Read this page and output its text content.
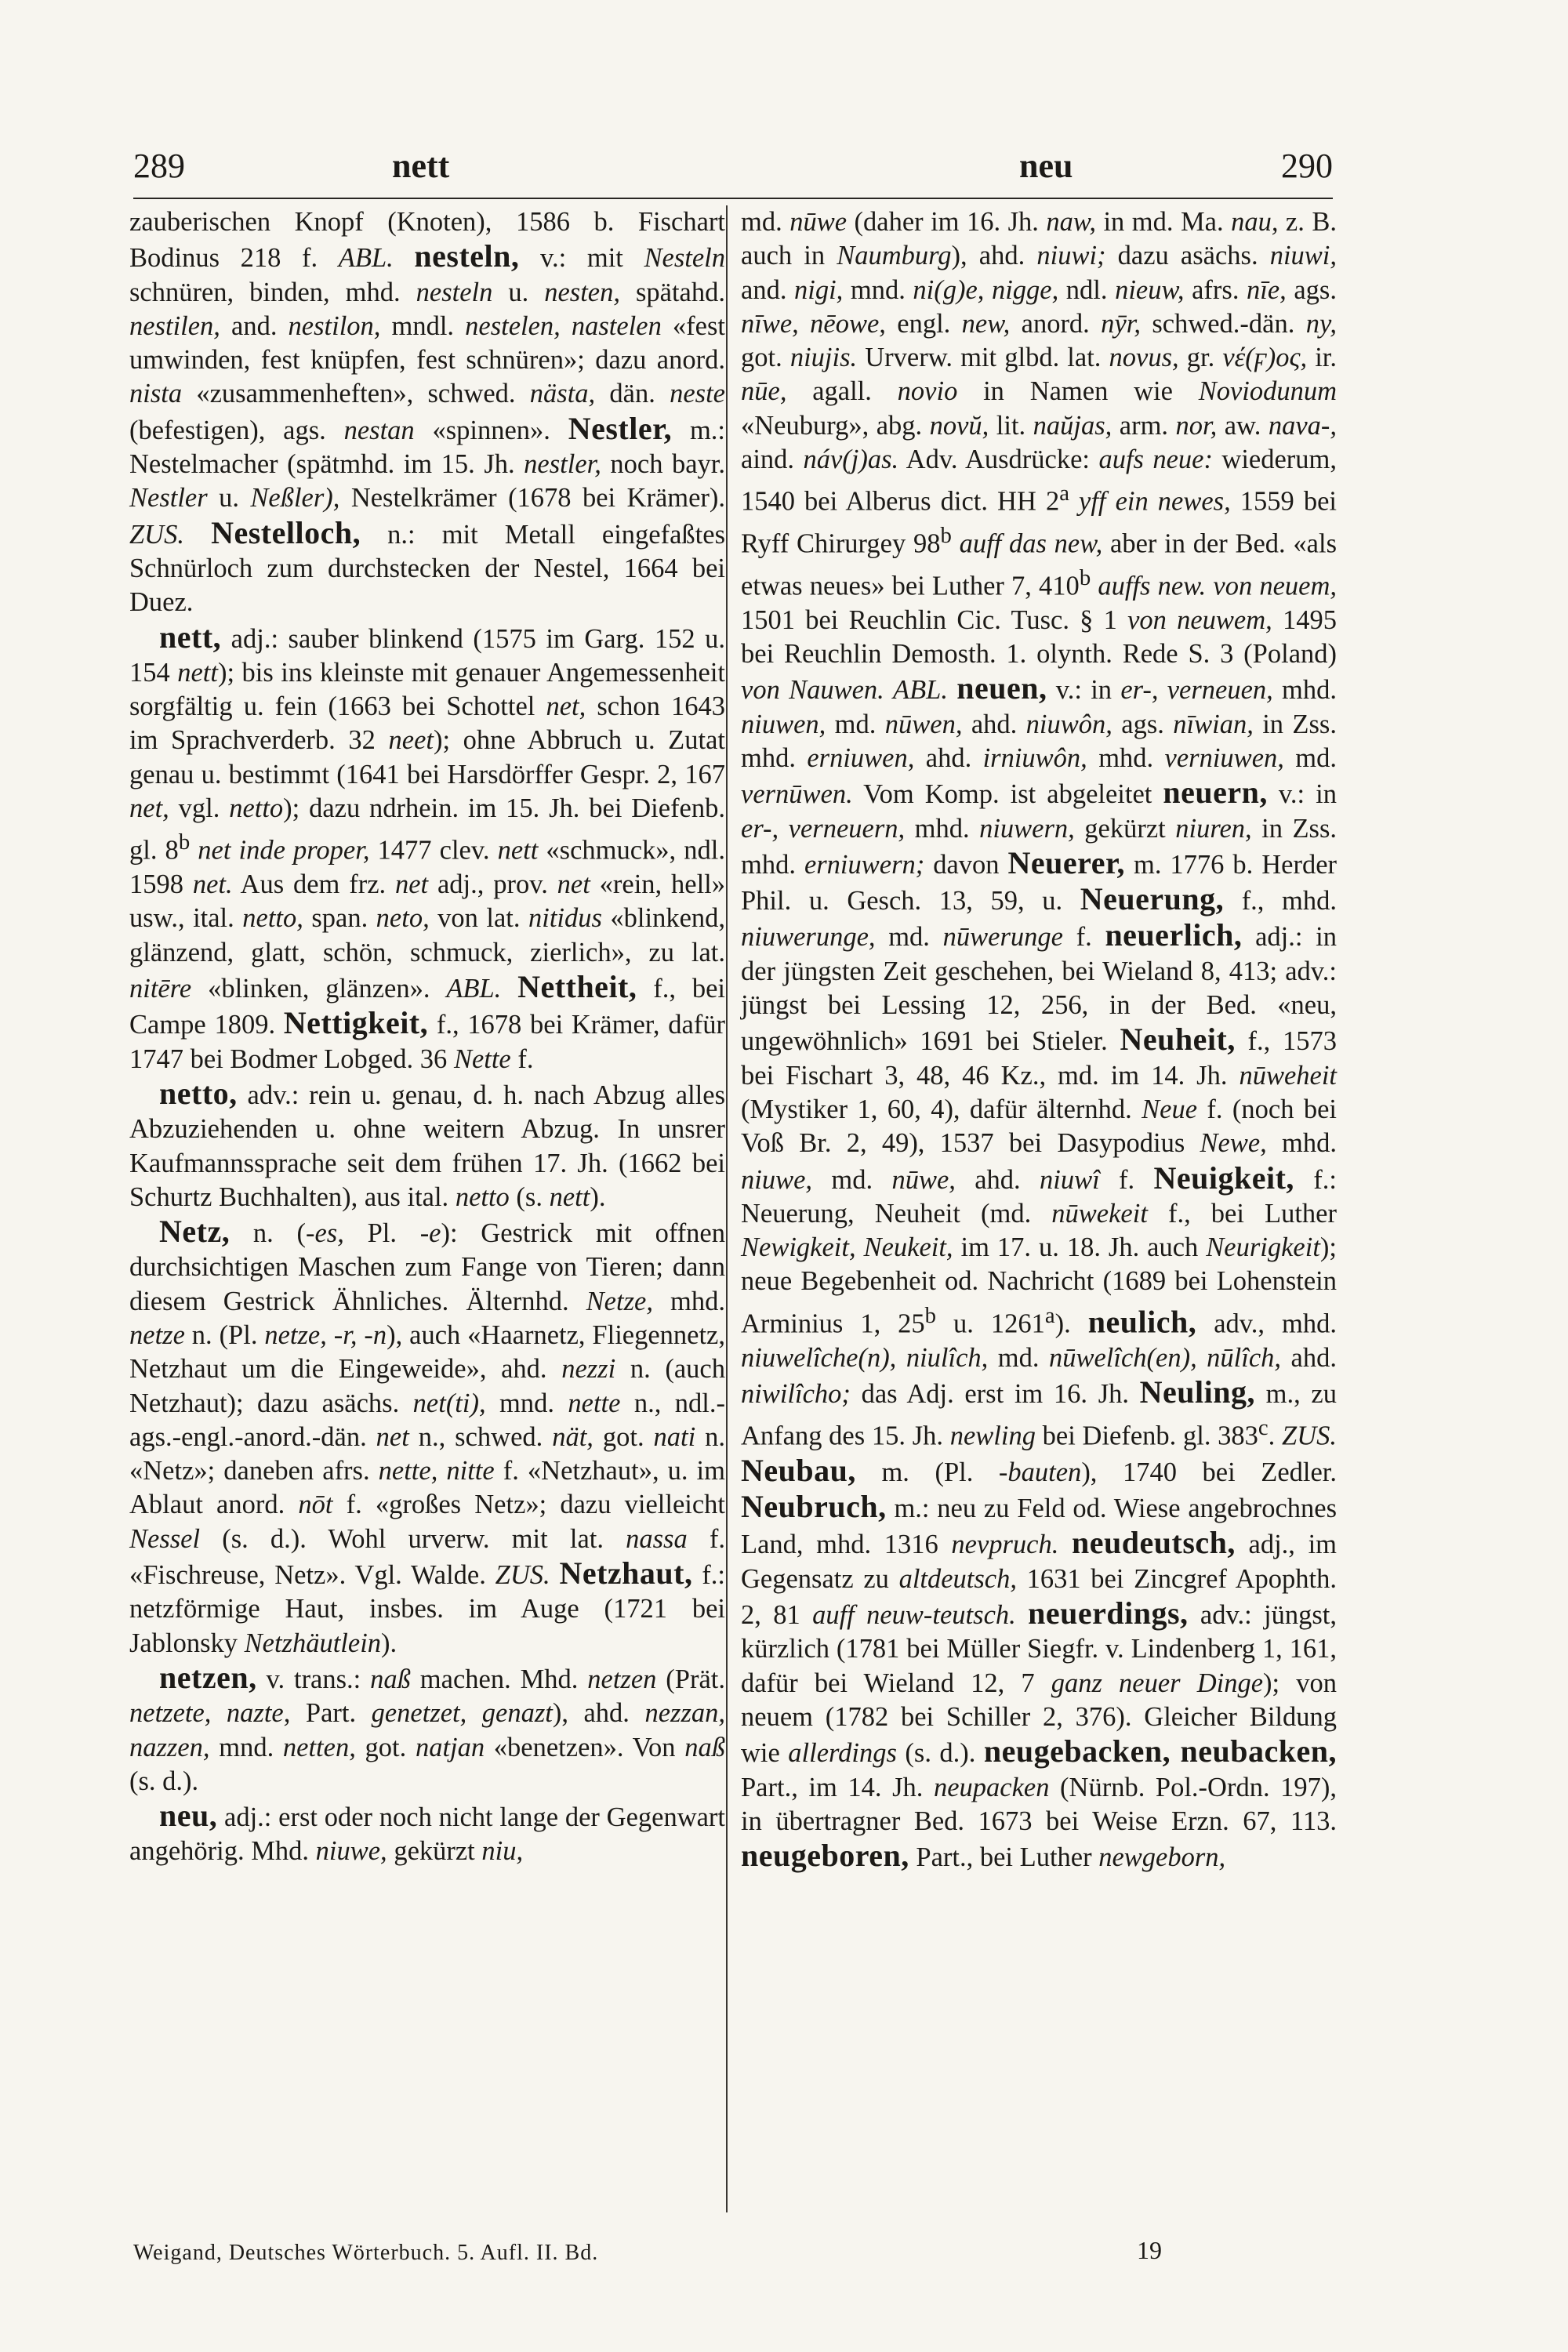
289	nett	neu	290

zauberischen Knopf (Knoten), 1586 b. Fischart Bodinus 218 f. ABL. nesteln, v.: mit Nesteln schnüren, binden, mhd. nesteln u. nesten, spätahd. nestilen, and. nestilon, mndl. nestelen, nastelen «fest umwinden, fest knüpfen, fest schnüren»; dazu anord. nista «zusammenheften», schwed. nästa, dän. neste (befestigen), ags. nestan «spinnen». Nestler, m.: Nestelmacher (spätmhd. im 15. Jh. nestler, noch bayr. Nestler u. Neßler), Nestelkrämer (1678 bei Krämer). ZUS. Nestelloch, n.: mit Metall eingefaßtes Schnürloch zum durchstecken der Nestel, 1664 bei Duez.

nett, adj.: sauber blinkend (1575 im Garg. 152 u. 154 nett); bis ins kleinste mit genauer Angemessenheit sorgfältig u. fein (1663 bei Schottel net, schon 1643 im Sprachverderb. 32 neet); ohne Abbruch u. Zutat genau u. bestimmt (1641 bei Harsdörffer Gespr. 2, 167 net, vgl. netto); dazu ndrhein. im 15. Jh. bei Diefenb. gl. 8$^b$ net inde proper, 1477 clev. nett «schmuck», ndl. 1598 net. Aus dem frz. net adj., prov. net «rein, hell» usw., ital. netto, span. neto, von lat. nitidus «blinkend, glänzend, glatt, schön, schmuck, zierlich», zu lat. nitēre «blinken, glänzen». ABL. Nettheit, f., bei Campe 1809. Nettigkeit, f., 1678 bei Krämer, dafür 1747 bei Bodmer Lobged. 36 Nette f.

netto, adv.: rein u. genau, d. h. nach Abzug alles Abzuziehenden u. ohne weitern Abzug. In unsrer Kaufmannssprache seit dem frühen 17. Jh. (1662 bei Schurtz Buchhalten), aus ital. netto (s. nett).

Netz, n. (-es, Pl. -e): Gestrick mit offnen durchsichtigen Maschen zum Fange von Tieren; dann diesem Gestrick Ähnliches. Älternhd. Netze, mhd. netze n. (Pl. netze, -r, -n), auch «Haarnetz, Fliegennetz, Netzhaut um die Eingeweide», ahd. nezzi n. (auch Netzhaut); dazu asächs. net(ti), mnd. nette n., ndl.-ags.-engl.-anord.-dän. net n., schwed. nät, got. nati n. «Netz»; daneben afrs. nette, nitte f. «Netzhaut», u. im Ablaut anord. nōt f. «großes Netz»; dazu vielleicht Nessel (s. d.). Wohl urverw. mit lat. nassa f. «Fischreuse, Netz». Vgl. Walde. ZUS. Netzhaut, f.: netzförmige Haut, insbes. im Auge (1721 bei Jablonsky Netzhäutlein).

netzen, v. trans.: naß machen. Mhd. netzen (Prät. netzete, nazte, Part. genetzet, genazt), ahd. nezzan, nazzen, mnd. netten, got. natjan «benetzen». Von naß (s. d.).

neu, adj.: erst oder noch nicht lange der Gegenwart angehörig. Mhd. niuwe, gekürzt niu,

md. nūwe (daher im 16. Jh. naw, in md. Ma. nau, z. B. auch in Naumburg), ahd. niuwi; dazu asächs. niuwi, and. nigi, mnd. ni(g)e, nigge, ndl. nieuw, afrs. nīe, ags. nīwe, nēowe, engl. new, anord. nȳr, schwed.-dän. ny, got. niujis. Urverw. mit glbd. lat. novus, gr. νέ(ϝ)ος, ir. nūe, agall. novio in Namen wie Noviodunum «Neuburg», abg. novŭ, lit. naŭjas, arm. nor, aw. nava-, aind. náv(j)as. Adv. Ausdrücke: aufs neue: wiederum, 1540 bei Alberus dict. HH 2$^a$ yff ein newes, 1559 bei Ryff Chirurgey 98$^b$ auff das new, aber in der Bed. «als etwas neues» bei Luther 7, 410$^b$ auffs new. von neuem, 1501 bei Reuchlin Cic. Tusc. § 1 von neuwem, 1495 bei Reuchlin Demosth. 1. olynth. Rede S. 3 (Poland) von Nauwen. ABL. neuen, v.: in er-, verneuen, mhd. niuwen, md. nūwen, ahd. niuwôn, ags. nīwian, in Zss. mhd. erniuwen, ahd. irniuwôn, mhd. verniuwen, md. vernūwen. Vom Komp. ist abgeleitet neuern, v.: in er-, verneuern, mhd. niuwern, gekürzt niuren, in Zss. mhd. erniuwern; davon Neuerer, m. 1776 b. Herder Phil. u. Gesch. 13, 59, u. Neuerung, f., mhd. niuwerunge, md. nūwerunge f. neuerlich, adj.: in der jüngsten Zeit geschehen, bei Wieland 8, 413; adv.: jüngst bei Lessing 12, 256, in der Bed. «neu, ungewöhnlich» 1691 bei Stieler. Neuheit, f., 1573 bei Fischart 3, 48, 46 Kz., md. im 14. Jh. nūweheit (Mystiker 1, 60, 4), dafür älternhd. Neue f. (noch bei Voß Br. 2, 49), 1537 bei Dasypodius Newe, mhd. niuwe, md. nūwe, ahd. niuwî f. Neuigkeit, f.: Neuerung, Neuheit (md. nūwekeit f., bei Luther Newigkeit, Neukeit, im 17. u. 18. Jh. auch Neurigkeit); neue Begebenheit od. Nachricht (1689 bei Lohenstein Arminius 1, 25$^b$ u. 1261$^a$). neulich, adv., mhd. niuwelîche(n), niulîch, md. nūwelîch(en), nūlîch, ahd. niwilîcho; das Adj. erst im 16. Jh. Neuling, m., zu Anfang des 15. Jh. newling bei Diefenb. gl. 383$^c$. ZUS. Neubau, m. (Pl. -bauten), 1740 bei Zedler. Neubruch, m.: neu zu Feld od. Wiese angebrochnes Land, mhd. 1316 nevpruch. neudeutsch, adj., im Gegensatz zu altdeutsch, 1631 bei Zincgref Apophth. 2, 81 auff neuw-teutsch. neuerdings, adv.: jüngst, kürzlich (1781 bei Müller Siegfr. v. Lindenberg 1, 161, dafür bei Wieland 12, 7 ganz neuer Dinge); von neuem (1782 bei Schiller 2, 376). Gleicher Bildung wie allerdings (s. d.). neugebacken, neubacken, Part., im 14. Jh. neupacken (Nürnb. Pol.-Ordn. 197), in übertragner Bed. 1673 bei Weise Erzn. 67, 113. neugeboren, Part., bei Luther newgeborn,

Weigand, Deutsches Wörterbuch. 5. Aufl. II. Bd.	19
